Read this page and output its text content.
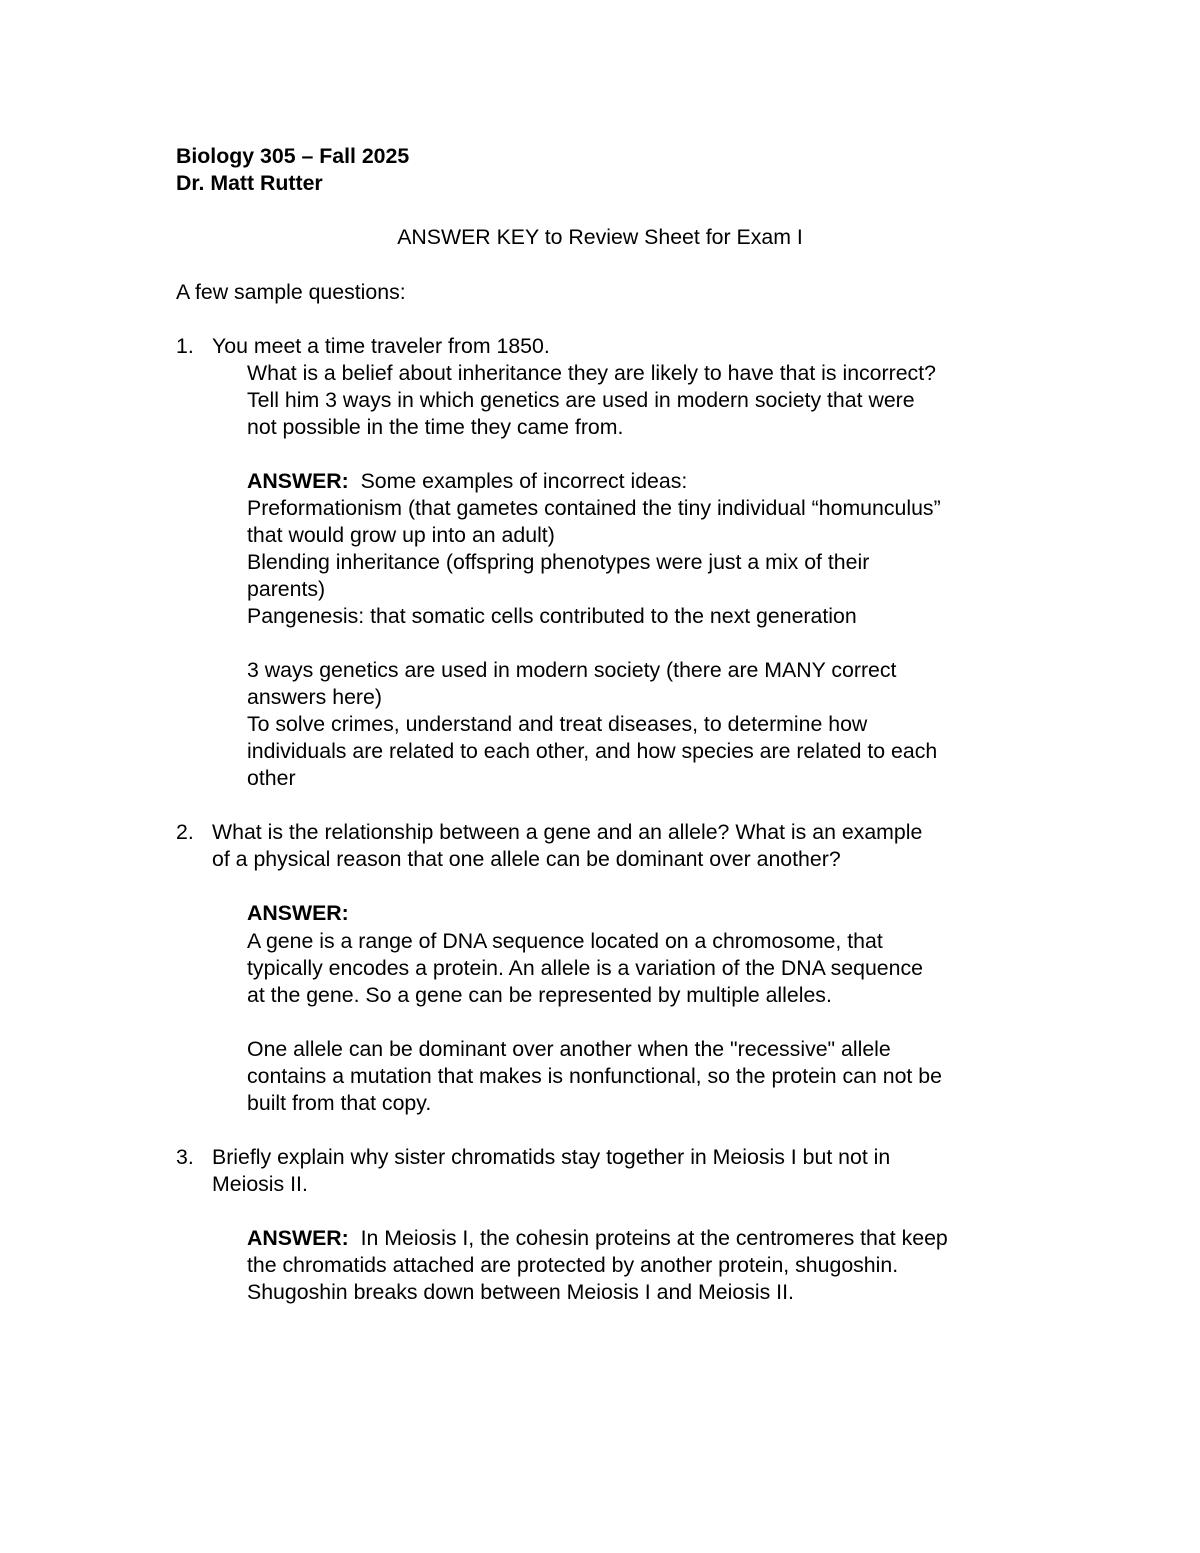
Biology 305 – Fall 2025
Dr. Matt Rutter
ANSWER KEY to Review Sheet for Exam I
A few sample questions:
1. You meet a time traveler from 1850.
What is a belief about inheritance they are likely to have that is incorrect?
Tell him 3 ways in which genetics are used in modern society that were
not possible in the time they came from.
ANSWER: Some examples of incorrect ideas:
Preformationism (that gametes contained the tiny individual “homunculus”
that would grow up into an adult)
Blending inheritance (offspring phenotypes were just a mix of their
parents)
Pangenesis: that somatic cells contributed to the next generation
3 ways genetics are used in modern society (there are MANY correct
answers here)
To solve crimes, understand and treat diseases, to determine how
individuals are related to each other, and how species are related to each
other
2. What is the relationship between a gene and an allele? What is an example
of a physical reason that one allele can be dominant over another?
ANSWER:
A gene is a range of DNA sequence located on a chromosome, that
typically encodes a protein. An allele is a variation of the DNA sequence
at the gene. So a gene can be represented by multiple alleles.
One allele can be dominant over another when the "recessive" allele
contains a mutation that makes is nonfunctional, so the protein can not be
built from that copy.
3. Briefly explain why sister chromatids stay together in Meiosis I but not in
Meiosis II.
ANSWER: In Meiosis I, the cohesin proteins at the centromeres that keep
the chromatids attached are protected by another protein, shugoshin.
Shugoshin breaks down between Meiosis I and Meiosis II.
